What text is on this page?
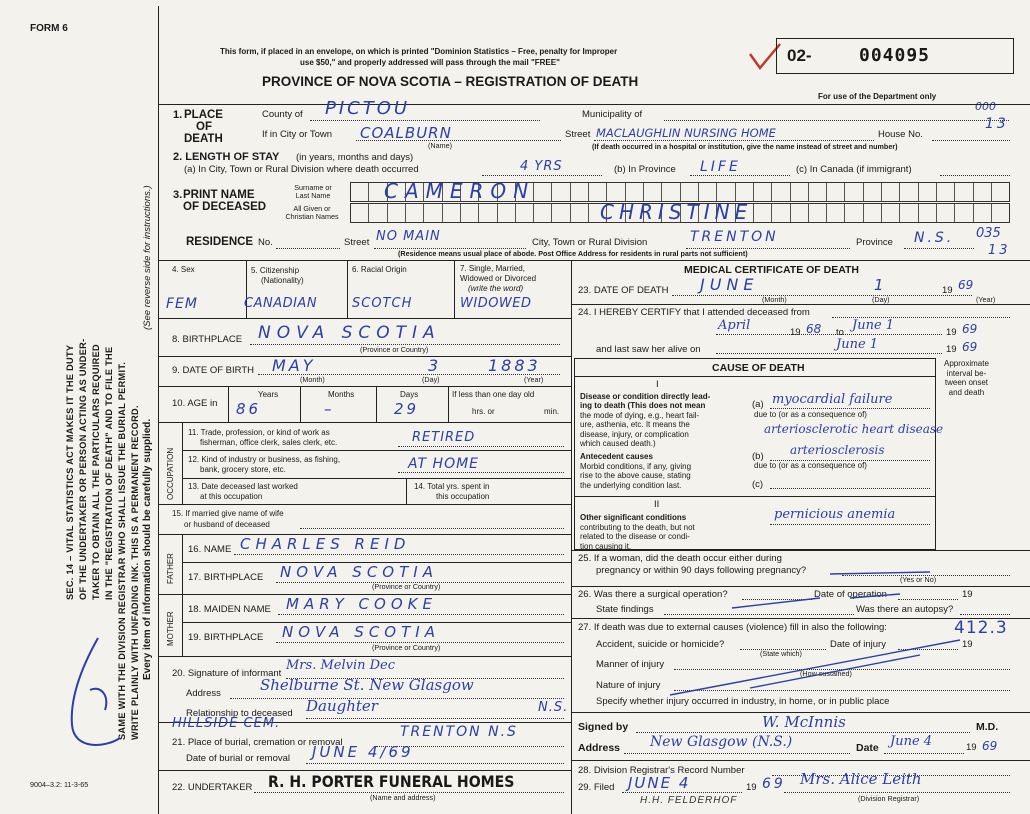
FORM 6
SEC. 14 – VITAL STATISTICS ACT MAKES IT THE DUTY OF THE UNDERTAKER OR PERSON ACTING AS UNDER- TAKER TO OBTAIN ALL THE PARTICULARS REQUIRED IN THE "REGISTRATION OF DEATH" AND TO FILE THE SAME WITH THE DIVISION REGISTRAR WHO SHALL ISSUE THE BURIAL PERMIT. WRITE PLAINLY WITH UNFADING INK. THIS IS A PERMANENT RECORD.
(See reverse side for instructions.)
Every item of information should be carefully supplied.
9004–3.2: 11-3-65
This form, if placed in an envelope, on which is printed "Dominion Statistics – Free, penalty for Improper
use $50," and properly addressed will pass through the mail "FREE"
PROVINCE OF NOVA SCOTIA – REGISTRATION OF DEATH
02-	004095
For use of the Department only
000
13
1. PLACE
OF
DEATH
County of PICTOU	Municipality of
If in City or Town COALBURN
(Name)
Street MACLAUGHLIN NURSING HOME	House No.
(If death occurred in a hospital or institution, give the name instead of street and number)
2. LENGTH OF STAY (in years, months and days)
(a) In City, Town or Rural Division where death occurred	4 YRS	(b) In Province LIFE	(c) In Canada (if immigrant)
3. PRINT NAME
OF DECEASED
Surname or
Last Name
All Given or
Christian Names
CAMERON
CHRISTINE
RESIDENCE No.	Street NO MAIN	City, Town or Rural Division	TRENTON	Province N.S. 035
13
(Residence means usual place of abode. Post Office Address for residents in rural parts not sufficient)
4. Sex
FEM
5. Citizenship
(Nationality)
CANADIAN
6. Racial Origin
SCOTCH
7. Single, Married,
Widowed or Divorced
(write the word)
WIDOWED
8. BIRTHPLACE NOVA SCOTIA
(Province or Country)
9. DATE OF BIRTH MAY	3	1883
(Month)	(Day)	(Year)
10. AGE in
Years	Months	Days
86	–	29
If less than one day old
hrs. or	min.
OCCUPATION
11. Trade, profession, or kind of work as
fisherman, office clerk, sales clerk, etc.	RETIRED
12. Kind of industry or business, as fishing,
bank, grocery store, etc.	AT HOME
13. Date deceased last worked
at this occupation
14. Total yrs. spent in
this occupation
15. If married give name of wife
or husband of deceased
FATHER
16. NAME CHARLES REID
17. BIRTHPLACE NOVA SCOTIA
(Province or Country)
MOTHER
18. MAIDEN NAME MARY COOKE
19. BIRTHPLACE NOVA SCOTIA
(Province or Country)
20. Signature of informant
Mrs. Melvin Dec
Address	Shelburne St. New Glasgow
Relationship to deceased Daughter	N.S.
HILLSIDE CEM.
TRENTON N.S
21. Place of burial, cremation or removal
Date of burial or removal JUNE 4/69
22. UNDERTAKER R. H. PORTER FUNERAL HOMES
(Name and address)
MEDICAL CERTIFICATE OF DEATH
23. DATE OF DEATH JUNE	1	19 69
(Month)	(Day)	(Year)
24. I HEREBY CERTIFY that I attended deceased from
April	19 68 to June 1	19 69
and last saw her alive on	June 1	19 69
CAUSE OF DEATH	Approximate
interval be-
tween onset
and death
I
Disease or condition directly lead-
ing to death (This does not mean
the mode of dying, e.g., heart fail-
ure, asthenia, etc. It means the
disease, injury, or complication
which caused death.)
(a) myocardial failure
due to (or as a consequence of)
arteriosclerotic heart disease
Antecedent causes
Morbid conditions, if any, giving
rise to the above cause, stating
the underlying condition last.
(b) arteriosclerosis
due to (or as a consequence of)
(c)
II
Other significant conditions
contributing to the death, but not
related to the disease or condi-
tion causing it.
pernicious anemia
25. If a woman, did the death occur either during
pregnancy or within 90 days following pregnancy?
(Yes or No)
26. Was there a surgical operation?	Date of operation	19
State findings	Was there an autopsy?
27. If death was due to external causes (violence) fill in also the following:	412.3
Accident, suicide or homicide?
(State which)
Date of injury	19
Manner of injury
(How sustained)
Nature of injury
Specify whether injury occurred in industry, in home, or in public place
Signed by	W. McInnis	M.D.
Address New Glasgow (N.S.)	Date June 4	19 69
28. Division Registrar's Record Number
29. Filed JUNE 4	19 69 Mrs. Alice Leith
(Division Registrar)
H.H. FELDERHOF
